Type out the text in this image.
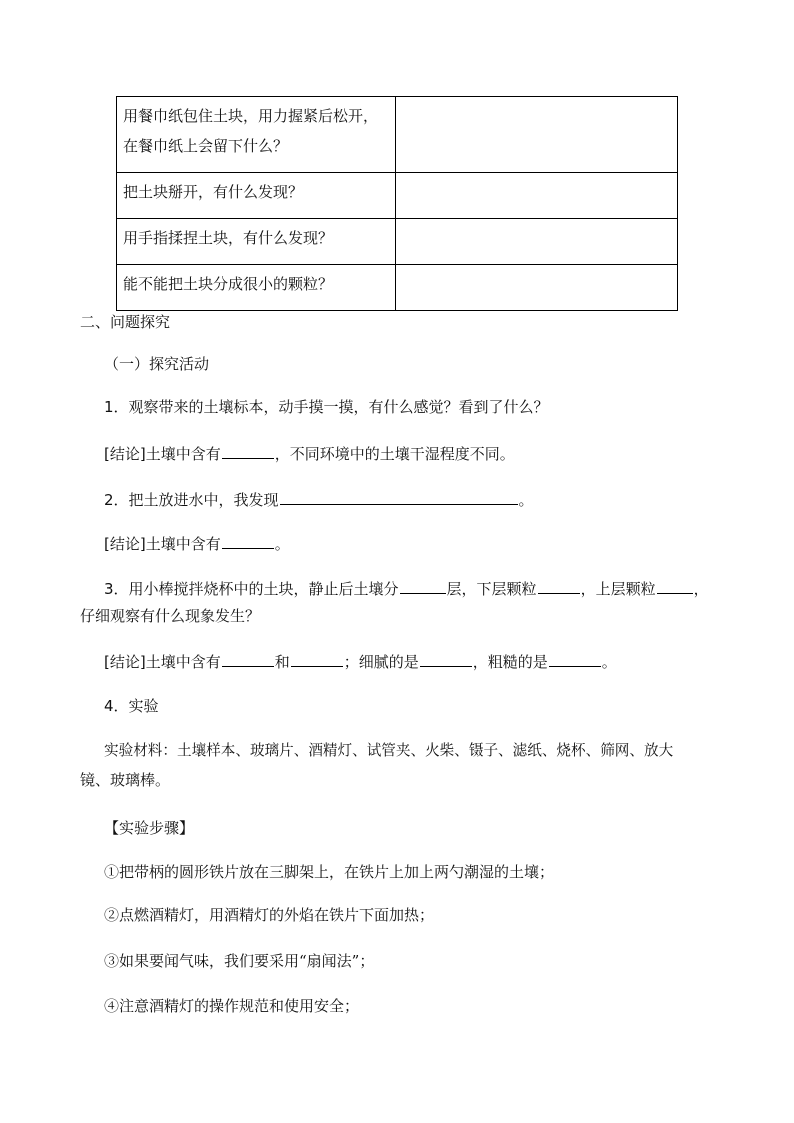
用餐巾纸包住土块，用力握紧后松开，
在餐巾纸上会留下什么？	

把土块掰开，有什么发现？	
用手指揉捏土块，有什么发现？	
能不能把土块分成很小的颗粒？	
二、问题探究
（一）探究活动
1．观察带来的土壤标本，动手摸一摸，有什么感觉？看到了什么？
[结论]土壤中含有	，不同环境中的土壤干湿程度不同。
2．把土放进水中，我发现	。
[结论]土壤中含有	。
3．用小棒搅拌烧杯中的土块，静止后土壤分	层，下层颗粒	，上层颗粒	，
仔细观察有什么现象发生？
[结论]土壤中含有	和	；细腻的是	，粗糙的是	。
4．实验
实验材料：土壤样本、玻璃片、酒精灯、试管夹、火柴、镊子、滤纸、烧杯、筛网、放大
镜、玻璃棒。
【实验步骤】
①把带柄的圆形铁片放在三脚架上，在铁片上加上两勺潮湿的土壤；
②点燃酒精灯，用酒精灯的外焰在铁片下面加热；
③如果要闻气味，我们要采用“扇闻法”；
④注意酒精灯的操作规范和使用安全；
